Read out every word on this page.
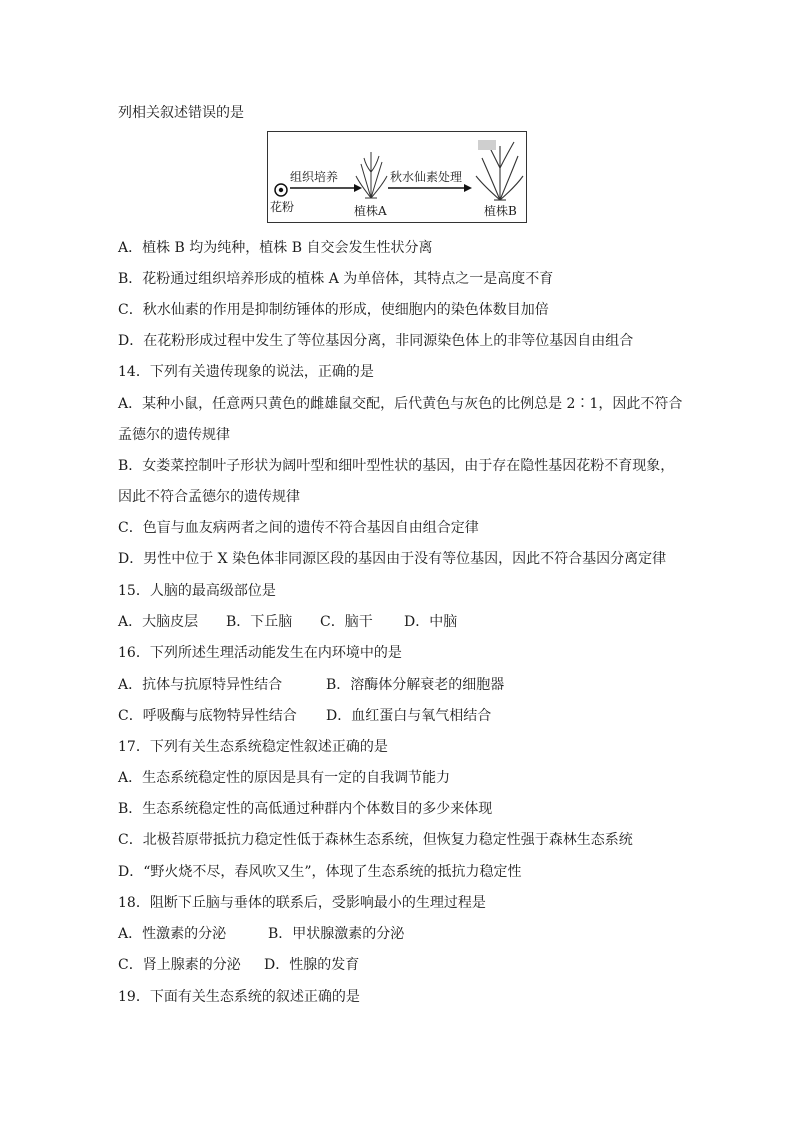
列相关叙述错误的是
组织培养	秋水仙素处理
花粉	植株A	植株B
A．植株 B 均为纯种，植株 B 自交会发生性状分离
B．花粉通过组织培养形成的植株 A 为单倍体，其特点之一是高度不育
C．秋水仙素的作用是抑制纺锤体的形成，使细胞内的染色体数目加倍
D．在花粉形成过程中发生了等位基因分离，非同源染色体上的非等位基因自由组合
14．下列有关遗传现象的说法，正确的是
A．某种小鼠，任意两只黄色的雌雄鼠交配，后代黄色与灰色的比例总是 2∶1，因此不符合
孟德尔的遗传规律
B．女娄菜控制叶子形状为阔叶型和细叶型性状的基因，由于存在隐性基因花粉不育现象，
因此不符合孟德尔的遗传规律
C．色盲与血友病两者之间的遗传不符合基因自由组合定律
D．男性中位于 X 染色体非同源区段的基因由于没有等位基因，因此不符合基因分离定律
15．人脑的最高级部位是
A．大脑皮层 B．下丘脑 C．脑干 D．中脑
16．下列所述生理活动能发生在内环境中的是
A．抗体与抗原特异性结合	B．溶酶体分解衰老的细胞器
C．呼吸酶与底物特异性结合 D．血红蛋白与氧气相结合
17．下列有关生态系统稳定性叙述正确的是
A．生态系统稳定性的原因是具有一定的自我调节能力
B．生态系统稳定性的高低通过种群内个体数目的多少来体现
C．北极苔原带抵抗力稳定性低于森林生态系统，但恢复力稳定性强于森林生态系统
D．“野火烧不尽，春风吹又生”，体现了生态系统的抵抗力稳定性
18．阻断下丘脑与垂体的联系后，受影响最小的生理过程是
A．性激素的分泌	B．甲状腺激素的分泌
C．肾上腺素的分泌 D．性腺的发育
19．下面有关生态系统的叙述正确的是
